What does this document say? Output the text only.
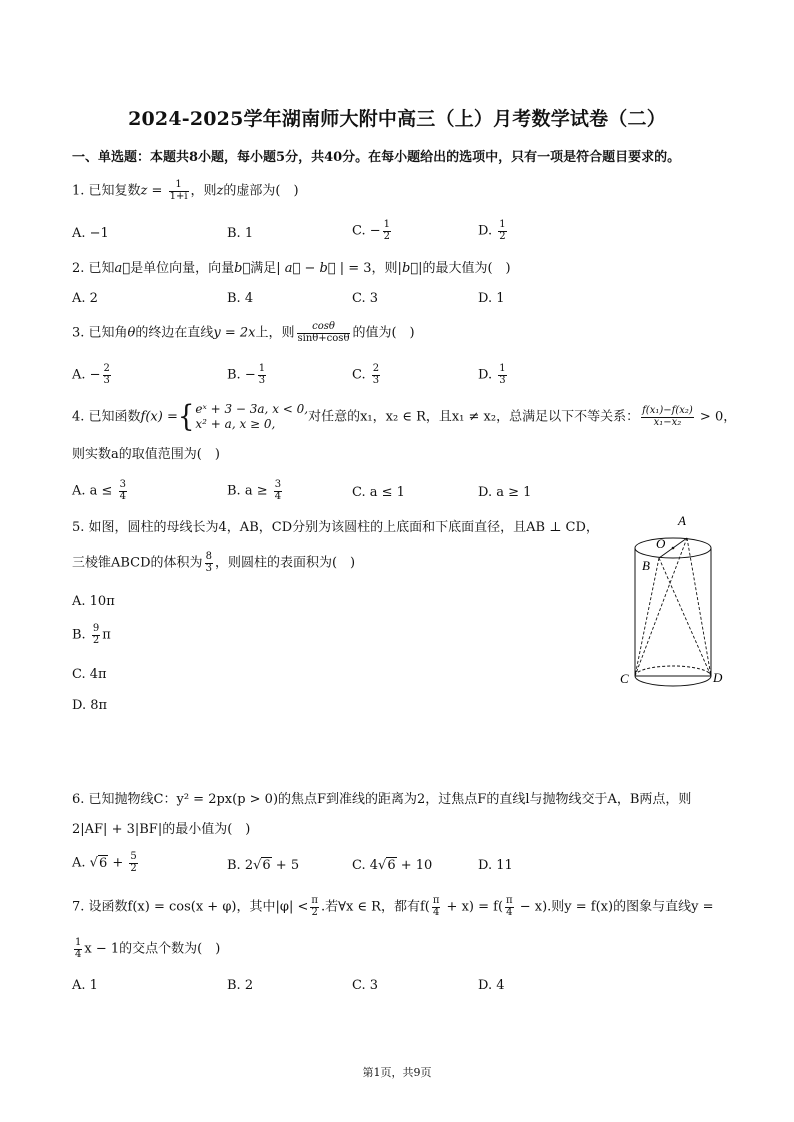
2024-2025学年湖南师大附中高三（上）月考数学试卷（二）
一、单选题：本题共8小题，每小题5分，共40分。在每小题给出的选项中，只有一项是符合题目要求的。
1. 已知复数$z = \frac{1}{1+i}$ ，则z的虚部为(　)
A. −1	B. 1	C. − $\frac{1}{2}$	D. $\frac{1}{2}$
2. 已知a⃗是单位向量，向量b⃗满足| a⃗ − b⃗ | = 3，则|b⃗|的最大值为(　)
A. 2	B. 4	C. 3	D. 1
3. 已知角θ的终边在直线y = 2x上，则 $\frac{\cos\theta}{\sin\theta+\cos\theta}$ 的值为(　)
A. − $\frac{2}{3}$	B. − $\frac{1}{3}$	C. $\frac{2}{3}$	D. $\frac{1}{3}$
4. 已知函数f(x) ={ eˣ + 3 − 3a, x < 0,
x² + a, x ≥ 0,	对任意的x₁，x₂ ∈ R，且x₁ ≠ x₂，总满足以下不等关系： $\frac{\text{f(x₁)−f(x₂)}}{\text{x₁−x₂}} > 0$，
则实数a的取值范围为(　)
A. $a \le \frac{3}{4}$	B. $a \ge \frac{3}{4}$	C. a ≤ 1	D. a ≥ 1
5. 如图，圆柱的母线长为4，AB，CD分别为该圆柱的上底面和下底面直径，且AB ⊥ CD，
三棱锥ABCD的体积为 $\frac{8}{3}$ ，则圆柱的表面积为(　)
A. 10π
B. $\frac{9}{2}$ π
C. 4π
D. 8π
A
O
B
C	D
6. 已知抛物线C：y² = 2px(p > 0)的焦点F到准线的距离为2，过焦点F的直线l与抛物线交于A，B两点，则
2|AF| + 3|BF|的最小值为(　)
A. $√6 + \frac{5}{2}$	B. 2√6 + 5	C. 4√6 + 10	D. 11
7. 设函数f(x) = cos(x + φ)，其中$|\varphi| < \frac{\pi}{2}$ .若∀x ∈ R，都有$f( \frac{\pi}{4} + x) = f( \frac{\pi}{4} - x)$.则y = f(x)的图象与直线y =
$\frac{1}{4}$ x − 1的交点个数为(　)
A. 1	B. 2	C. 3	D. 4
第1页，共9页
